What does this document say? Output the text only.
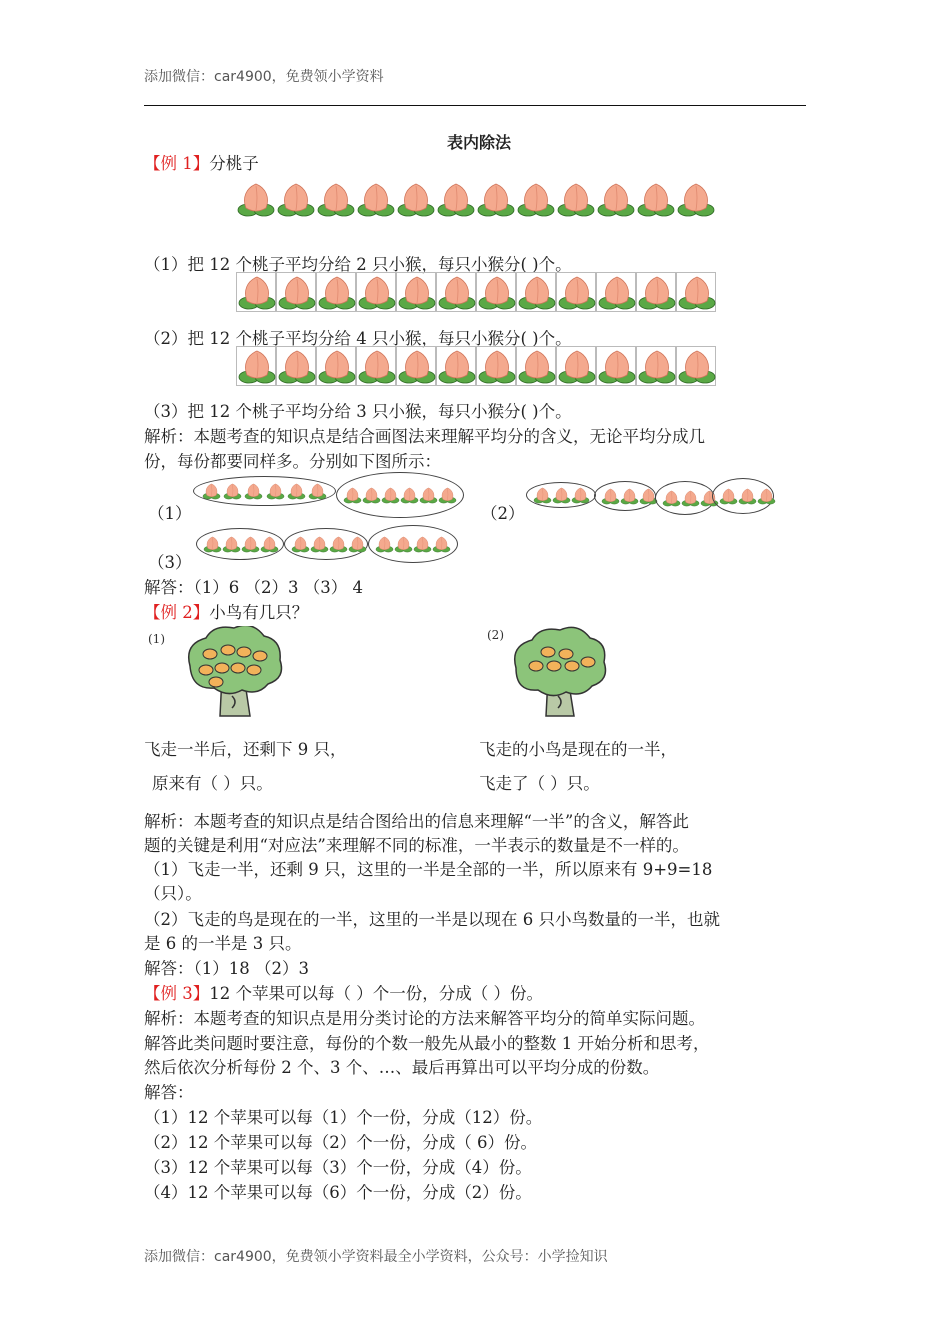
添加微信：car4900，免费领小学资料
表内除法
【例 1】分桃子
（1）把 12 个桃子平均分给 2 只小猴，每只小猴分( )个。
（2）把 12 个桃子平均分给 4 只小猴，每只小猴分( )个。
（3）把 12 个桃子平均分给 3 只小猴，每只小猴分( )个。
解析：本题考查的知识点是结合画图法来理解平均分的含义，无论平均分成几
份，每份都要同样多。分别如下图所示：
（1）	（2）
（3）
解答：（1）6 （2）3 （3） 4
【例 2】小鸟有几只？
(1)	(2)
飞走一半后，还剩下 9 只，
原来有（ ）只。
飞走的小鸟是现在的一半，
飞走了（ ）只。
解析：本题考查的知识点是结合图给出的信息来理解“一半”的含义，解答此
题的关键是利用“对应法”来理解不同的标准，一半表示的数量是不一样的。
（1）飞走一半，还剩 9 只，这里的一半是全部的一半，所以原来有 9+9=18
（只）。
（2）飞走的鸟是现在的一半，这里的一半是以现在 6 只小鸟数量的一半，也就
是 6 的一半是 3 只。
解答：（1）18 （2）3
【例 3】12 个苹果可以每（ ）个一份，分成（ ）份。
解析：本题考查的知识点是用分类讨论的方法来解答平均分的简单实际问题。
解答此类问题时要注意，每份的个数一般先从最小的整数 1 开始分析和思考，
然后依次分析每份 2 个、3 个、…、最后再算出可以平均分成的份数。
解答：
（1）12 个苹果可以每（1）个一份，分成（12）份。
（2）12 个苹果可以每（2）个一份，分成（ 6）份。
（3）12 个苹果可以每（3）个一份，分成（4）份。
（4）12 个苹果可以每（6）个一份，分成（2）份。
添加微信：car4900，免费领小学资料最全小学资料，公众号：小学捡知识
